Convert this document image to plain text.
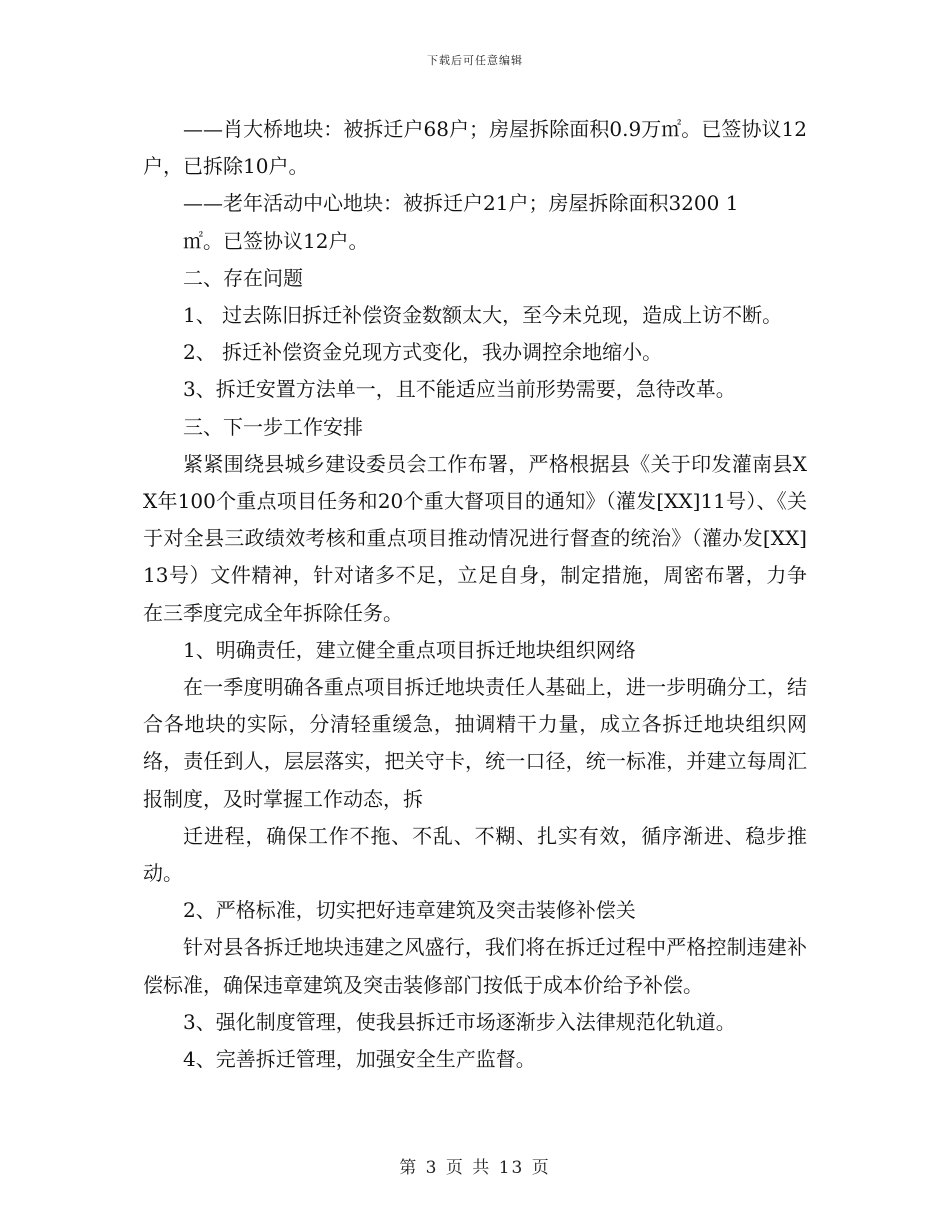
下载后可任意编辑

——肖大桥地块：被拆迁户68户；房屋拆除面积0.9万㎡。已签协议12户，已拆除10户。

——老年活动中心地块：被拆迁户21户；房屋拆除面积3200 1

㎡。已签协议12户。

二、存在问题

1、 过去陈旧拆迁补偿资金数额太大，至今未兑现，造成上访不断。

2、 拆迁补偿资金兑现方式变化，我办调控余地缩小。

3、拆迁安置方法单一，且不能适应当前形势需要，急待改革。

三、下一步工作安排

紧紧围绕县城乡建设委员会工作布署，严格根据县《关于印发灌南县XX年100个重点项目任务和20个重大督项目的通知》（灌发[XX]11号）、《关于对全县三政绩效考核和重点项目推动情况进行督查的统治》（灌办发[XX]13号）文件精神，针对诸多不足，立足自身，制定措施，周密布署，力争在三季度完成全年拆除任务。

1、明确责任，建立健全重点项目拆迁地块组织网络

在一季度明确各重点项目拆迁地块责任人基础上，进一步明确分工，结合各地块的实际，分清轻重缓急，抽调精干力量，成立各拆迁地块组织网络，责任到人，层层落实，把关守卡，统一口径，统一标准，并建立每周汇报制度，及时掌握工作动态，拆

迁进程，确保工作不拖、不乱、不糊、扎实有效，循序渐进、稳步推动。

2、严格标准，切实把好违章建筑及突击装修补偿关

针对县各拆迁地块违建之风盛行，我们将在拆迁过程中严格控制违建补偿标准，确保违章建筑及突击装修部门按低于成本价给予补偿。

3、强化制度管理，使我县拆迁市场逐渐步入法律规范化轨道。

4、完善拆迁管理，加强安全生产监督。

第 3 页 共 13 页
